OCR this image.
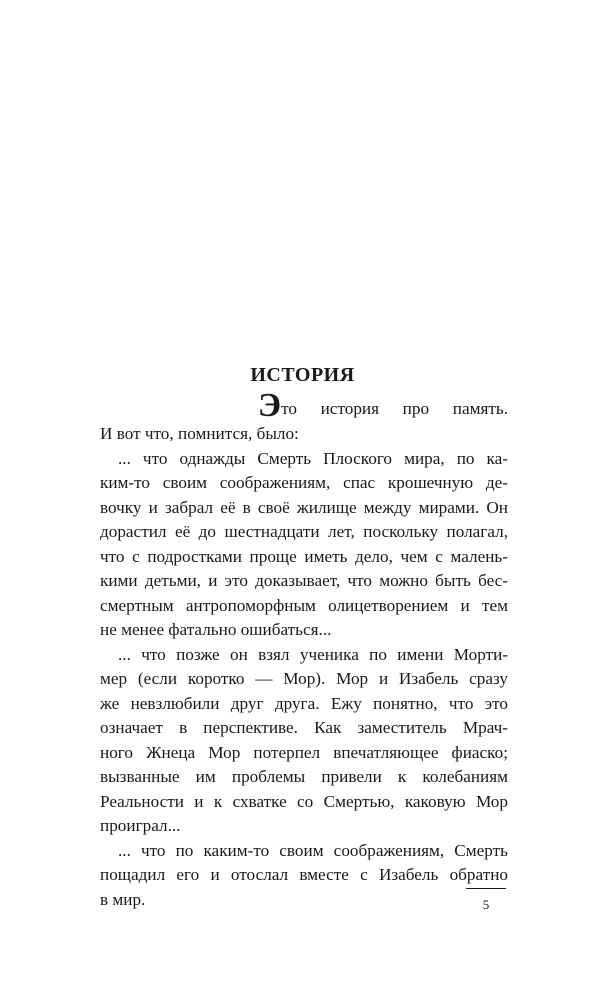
ИСТОРИЯ
Это история про память.
И вот что, помнится, было:
... что однажды Смерть Плоского мира, по ка-
ким-то своим соображениям, спас крошечную де-
вочку и забрал её в своё жилище между мирами. Он
дорастил её до шестнадцати лет, поскольку полагал,
что с подростками проще иметь дело, чем с малень-
кими детьми, и это доказывает, что можно быть бес-
смертным антропоморфным олицетворением и тем
не менее фатально ошибаться...
... что позже он взял ученика по имени Морти-
мер (если коротко — Мор). Мор и Изабель сразу
же невзлюбили друг друга. Ежу понятно, что это
означает в перспективе. Как заместитель Мрач-
ного Жнеца Мор потерпел впечатляющее фиаско;
вызванные им проблемы привели к колебаниям
Реальности и к схватке со Смертью, каковую Мор
проиграл...
... что по каким-то своим соображениям, Смерть
пощадил его и отослал вместе с Изабель обратно
в мир.	5
